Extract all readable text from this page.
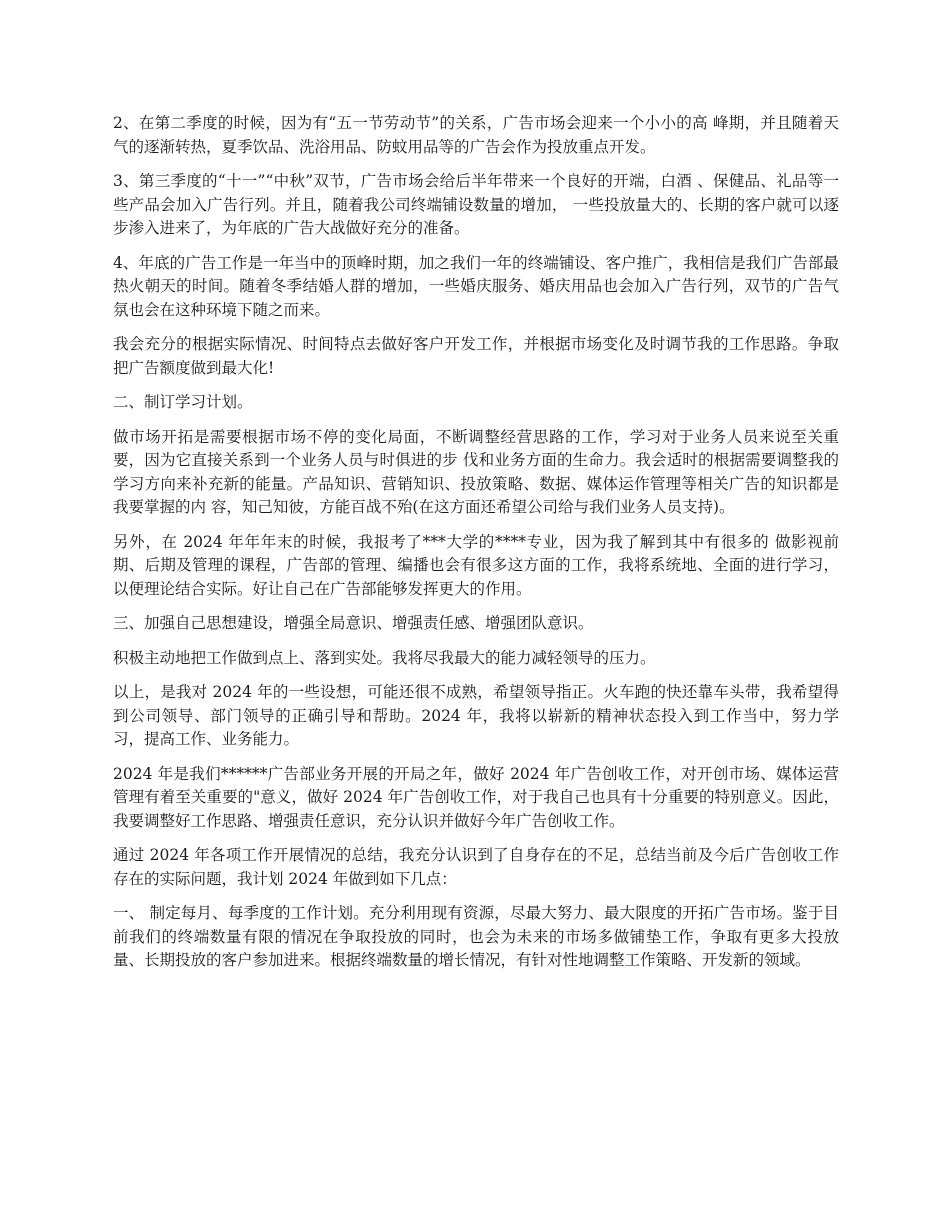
2、在第二季度的时候，因为有“五一节劳动节”的关系，广告市场会迎来一个小小的高 峰期，并且随着天气的逐渐转热，夏季饮品、洗浴用品、防蚊用品等的广告会作为投放重点开发。

3、第三季度的“十一”“中秋”双节，广告市场会给后半年带来一个良好的开端，白酒 、保健品、礼品等一些产品会加入广告行列。并且，随着我公司终端铺设数量的增加， 一些投放量大的、长期的客户就可以逐步渗入进来了，为年底的广告大战做好充分的准备。

4、年底的广告工作是一年当中的顶峰时期，加之我们一年的终端铺设、客户推广，我相信是我们广告部最热火朝天的时间。随着冬季结婚人群的增加，一些婚庆服务、婚庆用品也会加入广告行列，双节的广告气氛也会在这种环境下随之而来。

我会充分的根据实际情况、时间特点去做好客户开发工作，并根据市场变化及时调节我的工作思路。争取把广告额度做到最大化!

二、制订学习计划。

做市场开拓是需要根据市场不停的变化局面，不断调整经营思路的工作，学习对于业务人员来说至关重要，因为它直接关系到一个业务人员与时俱进的步 伐和业务方面的生命力。我会适时的根据需要调整我的学习方向来补充新的能量。产品知识、营销知识、投放策略、数据、媒体运作管理等相关广告的知识都是我要掌握的内 容，知己知彼，方能百战不殆(在这方面还希望公司给与我们业务人员支持)。

另外，在 2024 年年年末的时候，我报考了***大学的****专业，因为我了解到其中有很多的 做影视前期、后期及管理的课程，广告部的管理、编播也会有很多这方面的工作，我将系统地、全面的进行学习，以便理论结合实际。好让自己在广告部能够发挥更大的作用。

三、加强自己思想建设，增强全局意识、增强责任感、增强团队意识。

积极主动地把工作做到点上、落到实处。我将尽我最大的能力减轻领导的压力。

以上，是我对 2024 年的一些设想，可能还很不成熟，希望领导指正。火车跑的快还靠车头带，我希望得到公司领导、部门领导的正确引导和帮助。2024 年，我将以崭新的精神状态投入到工作当中，努力学习，提高工作、业务能力。

2024 年是我们******广告部业务开展的开局之年，做好 2024 年广告创收工作，对开创市场、媒体运营管理有着至关重要的"意义，做好 2024 年广告创收工作，对于我自己也具有十分重要的特别意义。因此，我要调整好工作思路、增强责任意识，充分认识并做好今年广告创收工作。

通过 2024 年各项工作开展情况的总结，我充分认识到了自身存在的不足，总结当前及今后广告创收工作存在的实际问题，我计划 2024 年做到如下几点：

一、 制定每月、每季度的工作计划。充分利用现有资源，尽最大努力、最大限度的开拓广告市场。鉴于目前我们的终端数量有限的情况在争取投放的同时，也会为未来的市场多做铺垫工作，争取有更多大投放量、长期投放的客户参加进来。根据终端数量的增长情况，有针对性地调整工作策略、开发新的领域。
